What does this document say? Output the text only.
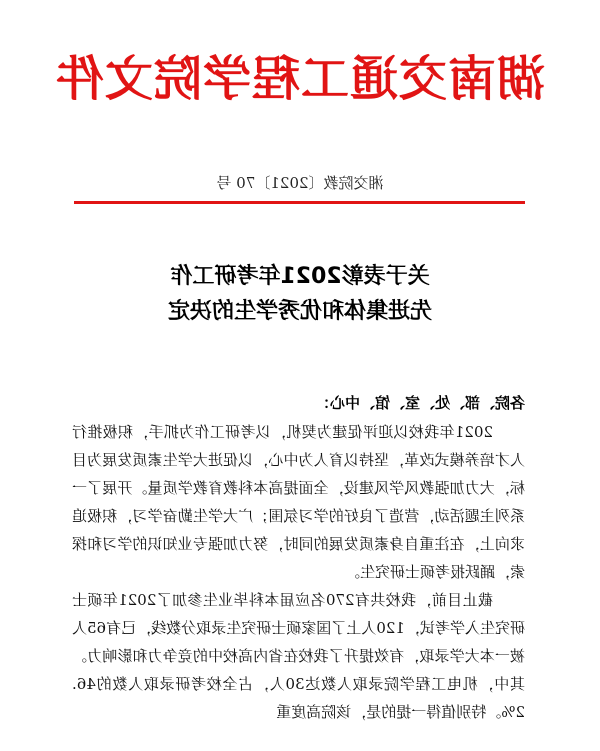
湖南交通工程学院文件
湘交院教〔2021〕70 号
关于表彰2021年考研工作
先进集体和优秀学生的决定
各院、部、处、室、馆、中心：

2021年我校以迎评促建为契机，以考研工作为抓手，积极推行人才培养模式改革，坚持以育人为中心，以促进大学生素质发展为目标，大力加强教风学风建设，全面提高本科教育教学质量。开展了一系列主题活动，营造了良好的学习氛围；广大学生勤奋学习，积极追求向上，在注重自身素质发展的同时，努力加强专业知识的学习和探索，踊跃报考硕士研究生。

截止目前，我校共有270名应届本科毕业生参加了2021年硕士研究生入学考试，120人上了国家硕士研究生录取分数线，已有65人被一本大学录取，有效提升了我校在省内高校中的竞争力和影响力。其中，机电工程学院录取人数达30人，占全校考研录取人数的46.2%。特别值得一提的是，该院高度重
